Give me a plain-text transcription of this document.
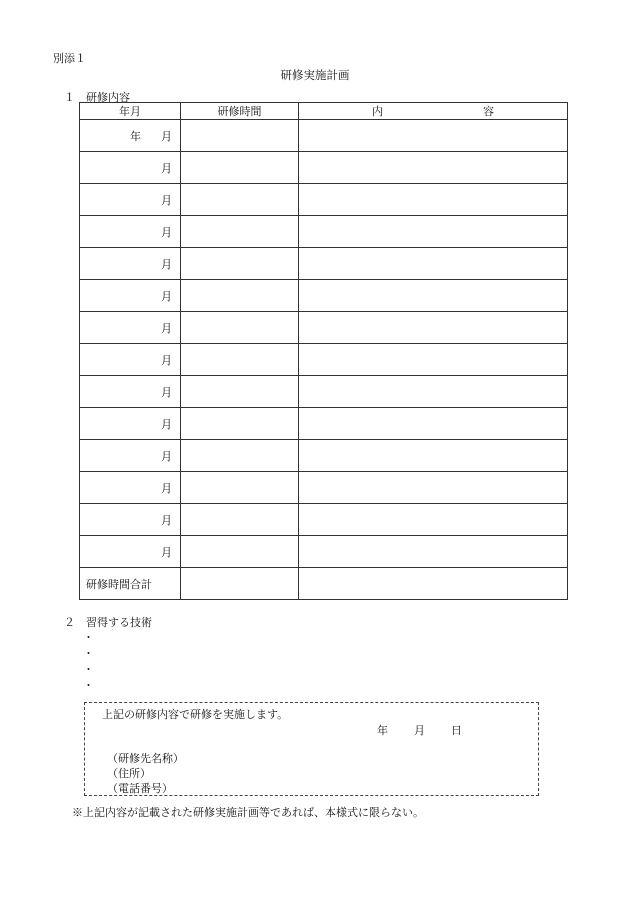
別添１
研修実施計画
１ 研修内容
年月	研修時間	内 容
年 月		
月		
月		
月		
月		
月		
月		
月		
月		
月		
月		
月		
月		
月		
研修時間合計		
２ 習得する技術
・
・
・
・
上記の研修内容で研修を実施します。
年 月 日
（研修先名称）
（住所）
（電話番号）
※上記内容が記載された研修実施計画等であれば、本様式に限らない。
